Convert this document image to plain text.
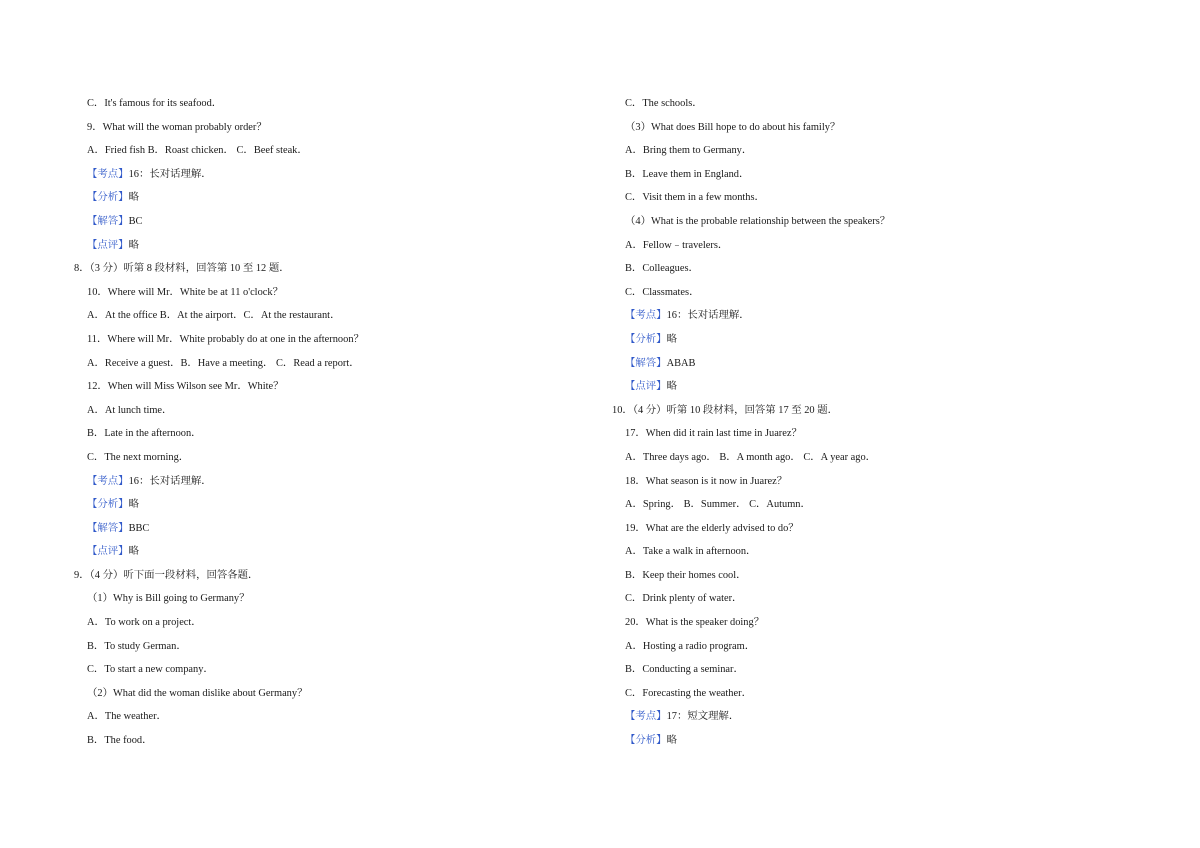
C．It's famous for its seafood．
9．What will the woman probably order？
A．Fried fish B．Roast chicken． C．Beef steak．
【考点】16：长对话理解．
【分析】略
【解答】BC
【点评】略
8．（3 分）听第 8 段材料，回答第 10 至 12 题．
10．Where will Mr．White be at 11 o'clock？
A．At the office B．At the airport．C．At the restaurant．
11．Where will Mr．White probably do at one in the afternoon？
A．Receive a guest．B．Have a meeting． C．Read a report．
12．When will Miss Wilson see Mr．White？
A．At lunch time．
B．Late in the afternoon．
C．The next morning．
【考点】16：长对话理解．
【分析】略
【解答】BBC
【点评】略
9．（4 分）听下面一段材料，回答各题．
（1）Why is Bill going to Germany？
A．To work on a project．
B．To study German．
C．To start a new company．
（2）What did the woman dislike about Germany？
A．The weather．
B．The food．
C．The schools．
（3）What does Bill hope to do about his family？
A．Bring them to Germany．
B．Leave them in England．
C．Visit them in a few months．
（4）What is the probable relationship between the speakers？
A．Fellow﹣travelers．
B．Colleagues．
C．Classmates．
【考点】16：长对话理解．
【分析】略
【解答】ABAB
【点评】略
10．（4 分）听第 10 段材料，回答第 17 至 20 题．
17．When did it rain last time in Juarez？
A．Three days ago． B．A month ago． C．A year ago．
18．What season is it now in Juarez？
A．Spring． B．Summer． C．Autumn．
19．What are the elderly advised to do？
A．Take a walk in afternoon．
B．Keep their homes cool．
C．Drink plenty of water．
20．What is the speaker doing？
A．Hosting a radio program．
B．Conducting a seminar．
C．Forecasting the weather．
【考点】17：短文理解．
【分析】略
